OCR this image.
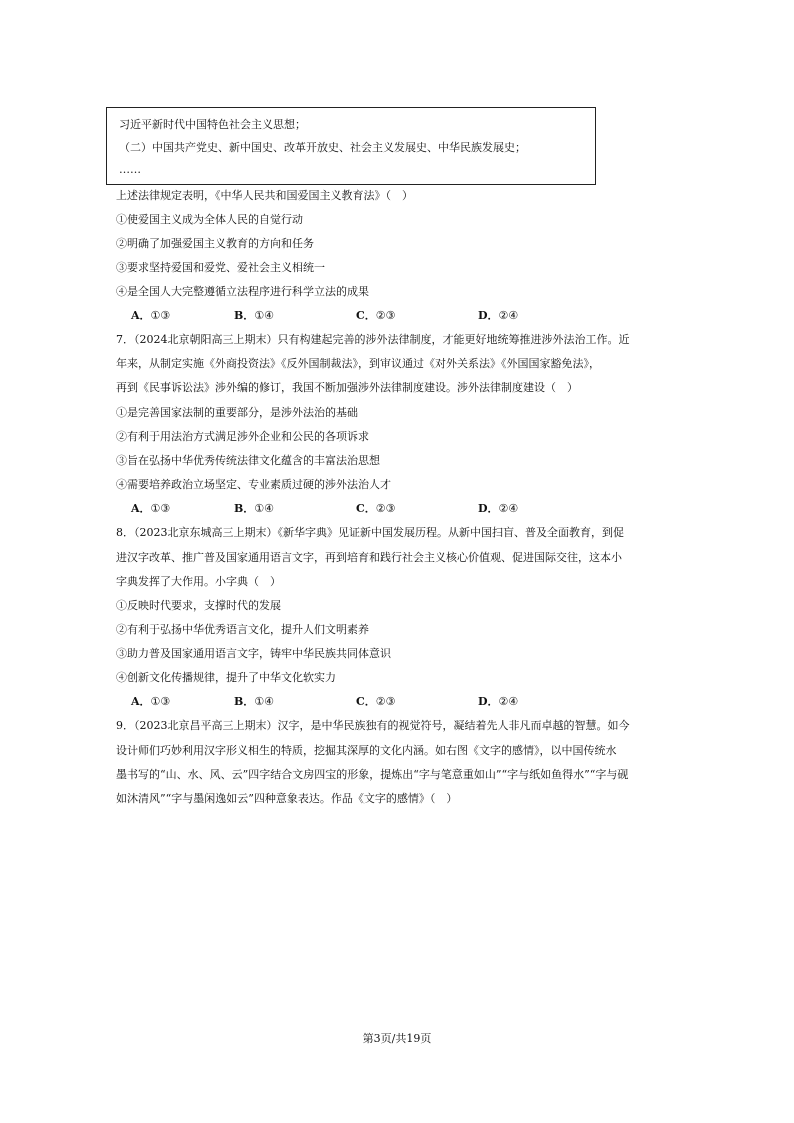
习近平新时代中国特色社会主义思想；
（二）中国共产党史、新中国史、改革开放史、社会主义发展史、中华民族发展史；
……
上述法律规定表明，《中华人民共和国爱国主义教育法》（　）
①使爱国主义成为全体人民的自觉行动
②明确了加强爱国主义教育的方向和任务
③要求坚持爱国和爱党、爱社会主义相统一
④是全国人大完整遵循立法程序进行科学立法的成果
A．①③	B．①④	C．②③	D．②④
7．（2024北京朝阳高三上期末）只有构建起完善的涉外法律制度，才能更好地统筹推进涉外法治工作。近
年来，从制定实施《外商投资法》《反外国制裁法》，到审议通过《对外关系法》《外国国家豁免法》，
再到《民事诉讼法》涉外编的修订，我国不断加强涉外法律制度建设。涉外法律制度建设（　）
①是完善国家法制的重要部分，是涉外法治的基础
②有利于用法治方式满足涉外企业和公民的各项诉求
③旨在弘扬中华优秀传统法律文化蕴含的丰富法治思想
④需要培养政治立场坚定、专业素质过硬的涉外法治人才
A．①③	B．①④	C．②③	D．②④
8．（2023北京东城高三上期末）《新华字典》见证新中国发展历程。从新中国扫盲、普及全面教育，到促
进汉字改革、推广普及国家通用语言文字，再到培育和践行社会主义核心价值观、促进国际交往，这本小
字典发挥了大作用。小字典（　）
①反映时代要求，支撑时代的发展
②有利于弘扬中华优秀语言文化，提升人们文明素养
③助力普及国家通用语言文字，铸牢中华民族共同体意识
④创新文化传播规律，提升了中华文化软实力
A．①③	B．①④	C．②③	D．②④
9．（2023北京昌平高三上期末）汉字，是中华民族独有的视觉符号，凝结着先人非凡而卓越的智慧。如今
设计师们巧妙利用汉字形义相生的特质，挖掘其深厚的文化内涵。如右图《文字的感情》，以中国传统水
墨书写的“山、水、风、云”四字结合文房四宝的形象，提炼出“字与笔意重如山”“字与纸如鱼得水”“字与砚
如沐清风”“字与墨闲逸如云”四种意象表达。作品《文字的感情》（　）
第3页/共19页
